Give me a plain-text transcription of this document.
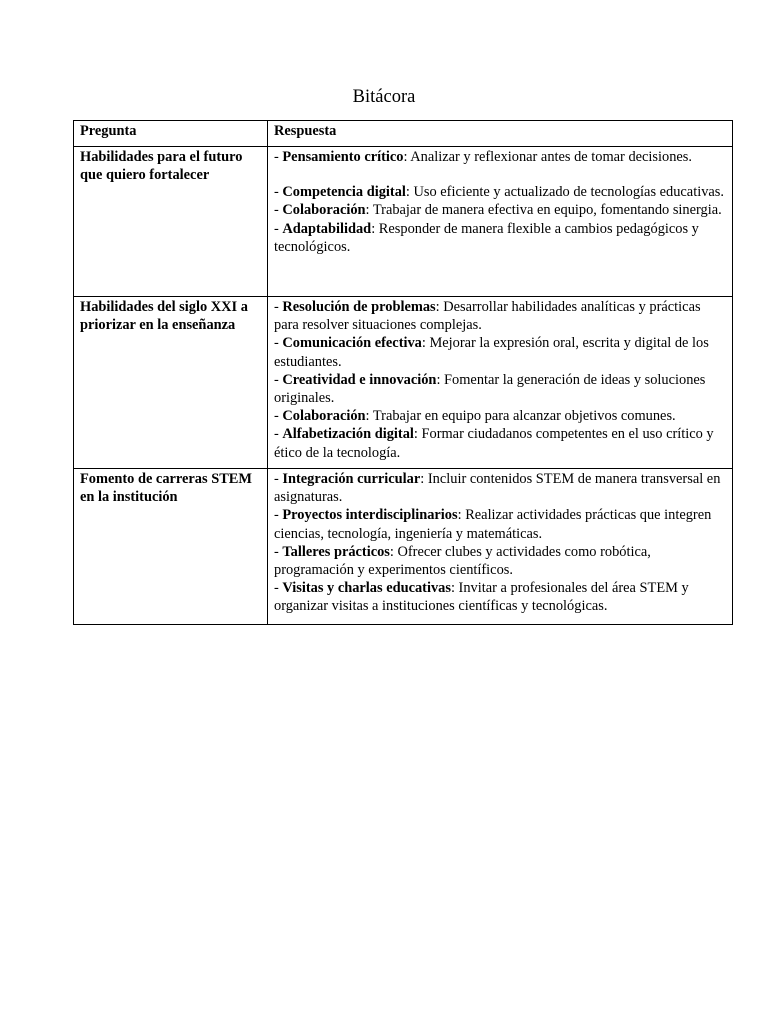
Bitácora
Pregunta	Respuesta
Habilidades para el futuro que quiero fortalecer	- Pensamiento crítico: Analizar y reflexionar antes de tomar decisiones.
- Competencia digital: Uso eficiente y actualizado de tecnologías educativas.
- Colaboración: Trabajar de manera efectiva en equipo, fomentando sinergia.
- Adaptabilidad: Responder de manera flexible a cambios pedagógicos y tecnológicos.

Habilidades del siglo XXI a priorizar en la enseñanza	- Resolución de problemas: Desarrollar habilidades analíticas y prácticas para resolver situaciones complejas.
- Comunicación efectiva: Mejorar la expresión oral, escrita y digital de los estudiantes.
- Creatividad e innovación: Fomentar la generación de ideas y soluciones originales.
- Colaboración: Trabajar en equipo para alcanzar objetivos comunes.
- Alfabetización digital: Formar ciudadanos competentes en el uso crítico y ético de la tecnología.

Fomento de carreras STEM en la institución	- Integración curricular: Incluir contenidos STEM de manera transversal en asignaturas.
- Proyectos interdisciplinarios: Realizar actividades prácticas que integren ciencias, tecnología, ingeniería y matemáticas.
- Talleres prácticos: Ofrecer clubes y actividades como robótica, programación y experimentos científicos.
- Visitas y charlas educativas: Invitar a profesionales del área STEM y organizar visitas a instituciones científicas y tecnológicas.
